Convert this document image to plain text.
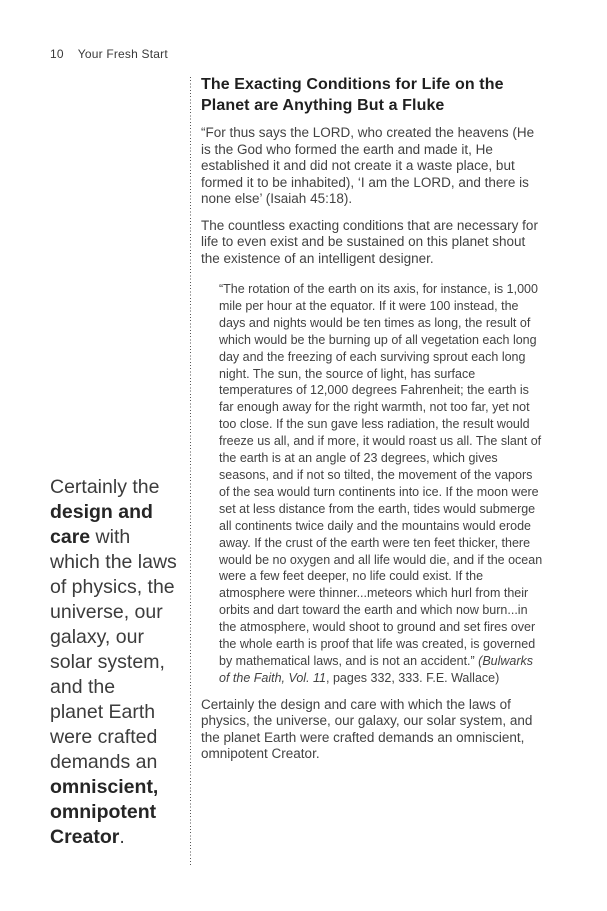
10 Your Fresh Start
Certainly the
design and
care with
which the laws
of physics, the
universe, our
galaxy, our
solar system,
and the
planet Earth
were crafted
demands an
omniscient,
omnipotent
Creator.
The Exacting Conditions for Life on the Planet are Anything But a Fluke

“For thus says the LORD, who created the heavens (He is the God who formed the earth and made it, He established it and did not create it a waste place, but formed it to be inhabited), ‘I am the LORD, and there is none else’ (Isaiah 45:18).

The countless exacting conditions that are necessary for life to even exist and be sustained on this planet shout the existence of an intelligent designer.

“The rotation of the earth on its axis, for instance, is 1,000 mile per hour at the equator. If it were 100 instead, the days and nights would be ten times as long, the result of which would be the burning up of all vegetation each long day and the freezing of each surviving sprout each long night. The sun, the source of light, has surface temperatures of 12,000 degrees Fahrenheit; the earth is far enough away for the right warmth, not too far, yet not too close. If the sun gave less radiation, the result would freeze us all, and if more, it would roast us all. The slant of the earth is at an angle of 23 degrees, which gives seasons, and if not so tilted, the movement of the vapors of the sea would turn continents into ice. If the moon were set at less distance from the earth, tides would submerge all continents twice daily and the mountains would erode away. If the crust of the earth were ten feet thicker, there would be no oxygen and all life would die, and if the ocean were a few feet deeper, no life could exist. If the atmosphere were thinner...meteors which hurl from their orbits and dart toward the earth and which now burn...in the atmosphere, would shoot to ground and set fires over the whole earth is proof that life was created, is governed by mathematical laws, and is not an accident.” (Bulwarks of the Faith, Vol. 11, pages 332, 333. F.E. Wallace)

Certainly the design and care with which the laws of physics, the universe, our galaxy, our solar system, and the planet Earth were crafted demands an omniscient, omnipotent Creator.
